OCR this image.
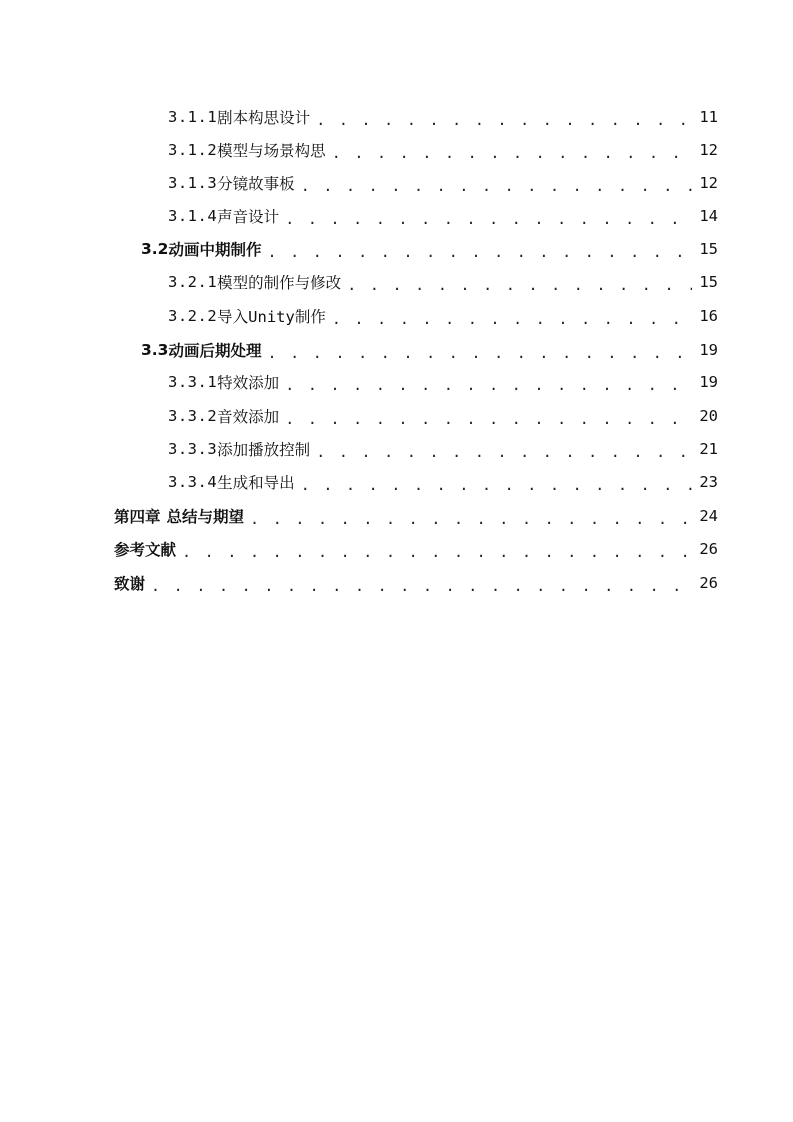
3.1.1 剧本构思设计 . . .	11
3.1.2 模型与场景构思 . . .	12
3.1.3 分镜故事板 . . .	12
3.1.4 声音设计 . . .	14
3.2 动画中期制作 . . .	15
3.2.1 模型的制作与修改 . . .	15
3.2.2 导入Unity制作 . . .	16
3.3 动画后期处理 . . .	19
3.3.1 特效添加 . . .	19
3.3.2 音效添加 . . .	20
3.3.3 添加播放控制 . . .	21
3.3.4 生成和导出 . . .	23
第四章 总结与期望 . . .	24
参考文献 . . .	26
致谢 . . .	26
